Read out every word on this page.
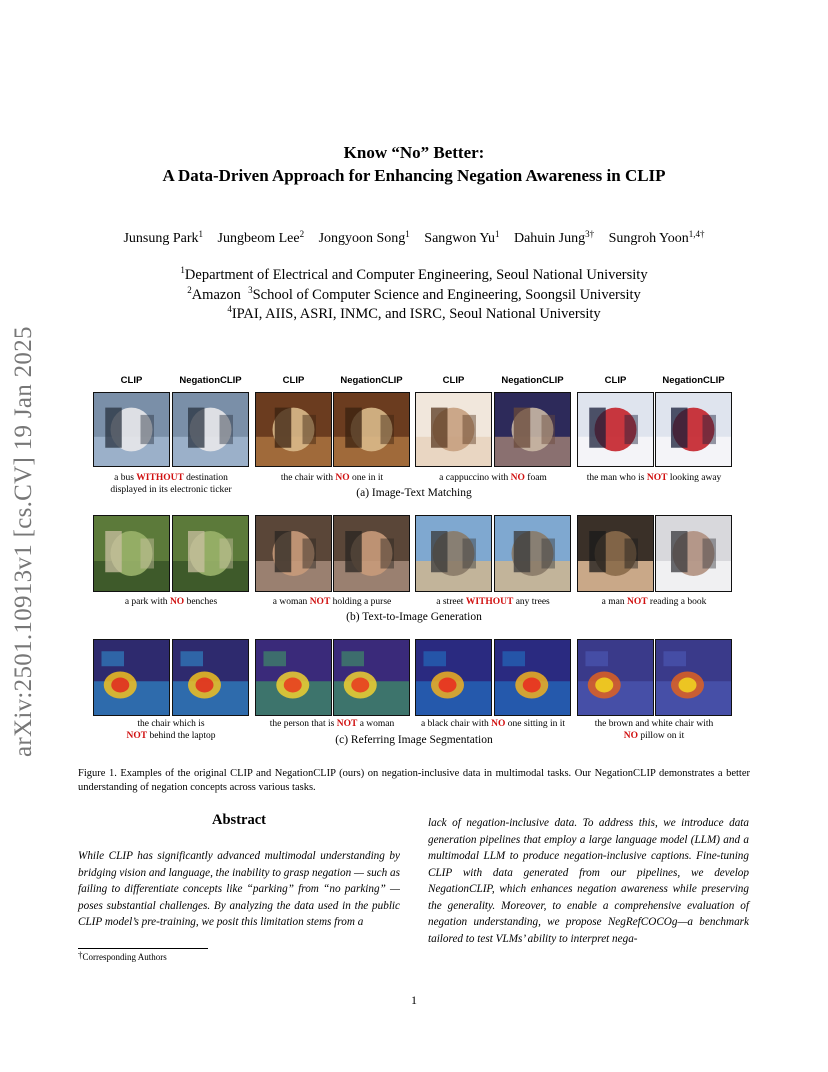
Know “No” Better:
A Data-Driven Approach for Enhancing Negation Awareness in CLIP
Junsung Park$^1$ Jungbeom Lee$^2$ Jongyoon Song$^1$ Sangwon Yu$^1$ Dahuin Jung$^{3\dagger}$ Sungroh Yoon$^{1,4\dagger}$
$^1$Department of Electrical and Computer Engineering, Seoul National University
$^2$Amazon $^3$School of Computer Science and Engineering, Soongsil University
$^4$IPAI, AIIS, ASRI, INMC, and ISRC, Seoul National University
arXiv:2501.10913v1 [cs.CV] 19 Jan 2025	CLIP	NegationCLIP	CLIP	NegationCLIP	CLIP	NegationCLIP	CLIP	NegationCLIP
a bus WITHOUT destination
displayed in its electronic ticker
the chair with NO one in it	a cappuccino with NO foam	the man who is NOT looking away
(a) Image-Text Matching
a park with NO benches	a woman NOT holding a purse	a street WITHOUT any trees	a man NOT reading a book
(b) Text-to-Image Generation
the chair which is
NOT behind the laptop
the person that is NOT a woman	a black chair with NO one sitting in it	the brown and white chair with
NO pillow on it
(c) Referring Image Segmentation
Figure 1. Examples of the original CLIP and NegationCLIP (ours) on negation-inclusive data in multimodal tasks. Our NegationCLIP demonstrates a better understanding of negation concepts across various tasks.
Abstract
While CLIP has significantly advanced multimodal understanding by bridging vision and language, the inability to grasp negation — such as failing to differentiate concepts like “parking” from “no parking” — poses substantial challenges. By analyzing the data used in the public CLIP model’s pre-training, we posit this limitation stems from a
lack of negation-inclusive data. To address this, we introduce data generation pipelines that employ a large language model (LLM) and a multimodal LLM to produce negation-inclusive captions. Fine-tuning CLIP with data generated from our pipelines, we develop NegationCLIP, which enhances negation awareness while preserving the generality. Moreover, to enable a comprehensive evaluation of negation understanding, we propose NegRefCOCOg—a benchmark tailored to test VLMs’ ability to interpret nega-
†Corresponding Authors
1
